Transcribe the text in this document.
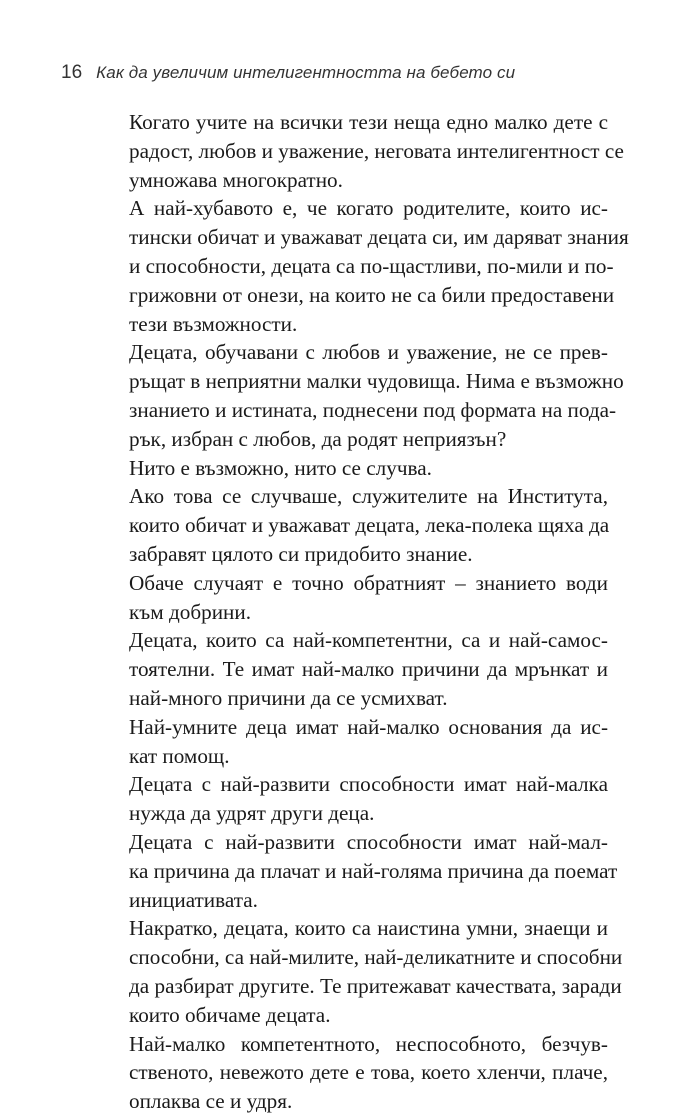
16 Как да увеличим интелигентността на бебето си

Когато учите на всички тези неща едно малко дете с
радост, любов и уважение, неговата интелигентност се
умножава многократно.

А най-хубавото е, че когато родителите, които ис-
тински обичат и уважават децата си, им даряват знания
и способности, децата са по-щастливи, по-мили и по-
грижовни от онези, на които не са били предоставени
тези възможности.

Децата, обучавани с любов и уважение, не се прев-
ръщат в неприятни малки чудовища. Нима е възможно
знанието и истината, поднесени под формата на пода-
рък, избран с любов, да родят неприязън?

Нито е възможно, нито се случва.

Ако това се случваше, служителите на Института,
които обичат и уважават децата, лека-полека щяха да
забравят цялото си придобито знание.

Обаче случаят е точно обратният – знанието води
към добрини.

Децата, които са най-компетентни, са и най-самос-
тоятелни. Те имат най-малко причини да мрънкат и
най-много причини да се усмихват.

Най-умните деца имат най-малко основания да ис-
кат помощ.

Децата с най-развити способности имат най-малка
нужда да удрят други деца.

Децата с най-развити способности имат най-мал-
ка причина да плачат и най-голяма причина да поемат
инициативата.

Накратко, децата, които са наистина умни, знаещи и
способни, са най-милите, най-деликатните и способни
да разбират другите. Те притежават качествата, заради
които обичаме децата.

Най-малко компетентното, неспособното, безчув-
ственото, невежото дете е това, което хленчи, плаче,
оплаква се и удря.
